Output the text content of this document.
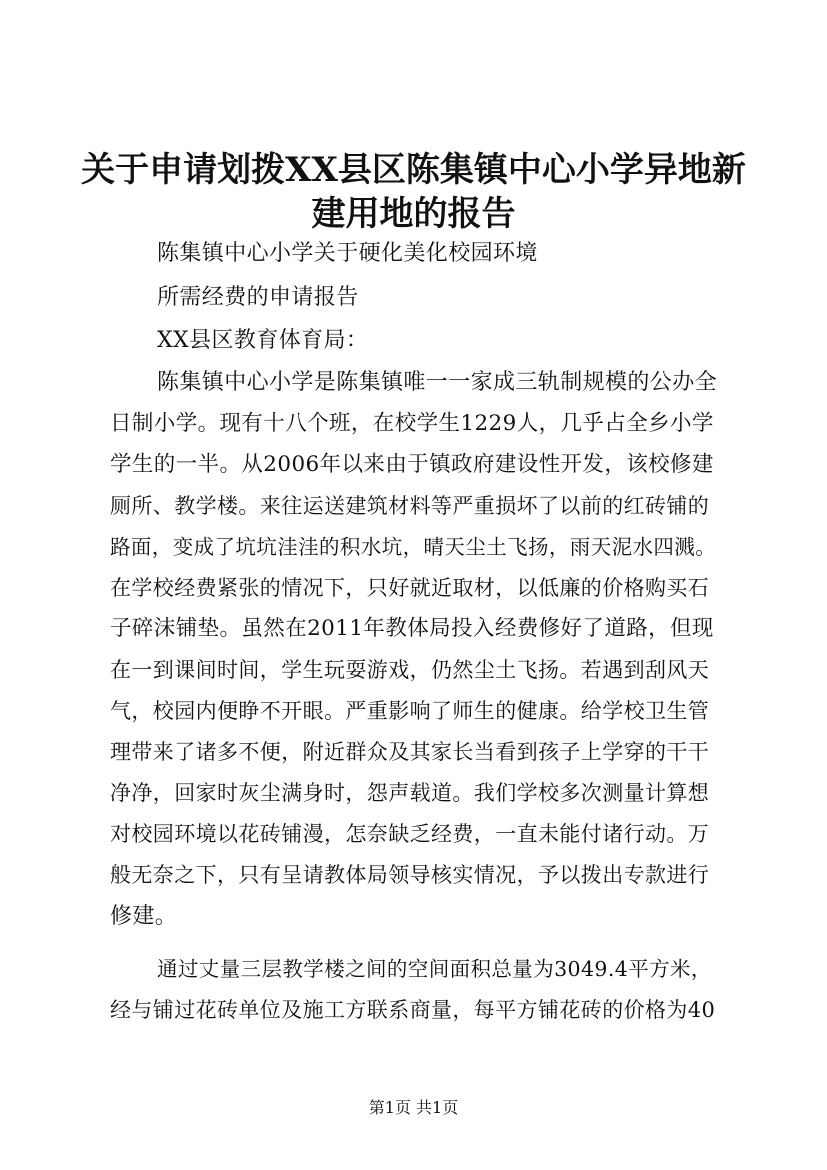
关于申请划拨XX县区陈集镇中心小学异地新
建用地的报告
陈集镇中心小学关于硬化美化校园环境
所需经费的申请报告
XX县区教育体育局：
陈集镇中心小学是陈集镇唯一一家成三轨制规模的公办全
日制小学。现有十八个班，在校学生1229人，几乎占全乡小学
学生的一半。从2006年以来由于镇政府建设性开发，该校修建
厕所、教学楼。来往运送建筑材料等严重损坏了以前的红砖铺的
路面，变成了坑坑洼洼的积水坑，晴天尘土飞扬，雨天泥水四溅。
在学校经费紧张的情况下，只好就近取材，以低廉的价格购买石
子碎沫铺垫。虽然在2011年教体局投入经费修好了道路，但现
在一到课间时间，学生玩耍游戏，仍然尘土飞扬。若遇到刮风天
气，校园内便睁不开眼。严重影响了师生的健康。给学校卫生管
理带来了诸多不便，附近群众及其家长当看到孩子上学穿的干干
净净，回家时灰尘满身时，怨声载道。我们学校多次测量计算想
对校园环境以花砖铺漫，怎奈缺乏经费，一直未能付诸行动。万
般无奈之下，只有呈请教体局领导核实情况，予以拨出专款进行
修建。
通过丈量三层教学楼之间的空间面积总量为3049.4平方米，
经与铺过花砖单位及施工方联系商量，每平方铺花砖的价格为40
第1页 共1页
